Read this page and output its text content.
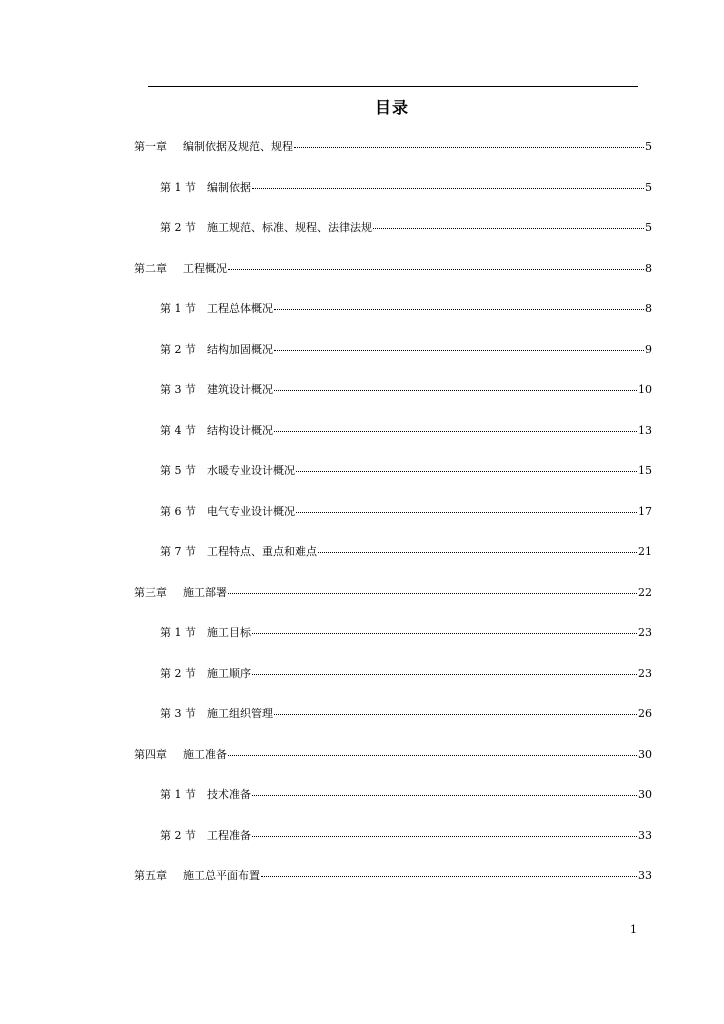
目录
第一章	编制依据及规范、规程	5
第 1 节	编制依据	5
第 2 节	施工规范、标准、规程、法律法规	5
第二章	工程概况	8
第 1 节	工程总体概况	8
第 2 节	结构加固概况	9
第 3 节	建筑设计概况	10
第 4 节	结构设计概况	13
第 5 节	水暖专业设计概况	15
第 6 节	电气专业设计概况	17
第 7 节	工程特点、重点和难点	21
第三章	施工部署	22
第 1 节	施工目标	23
第 2 节	施工顺序	23
第 3 节	施工组织管理	26
第四章	施工准备	30
第 1 节	技术准备	30
第 2 节	工程准备	33
第五章	施工总平面布置	33
1
